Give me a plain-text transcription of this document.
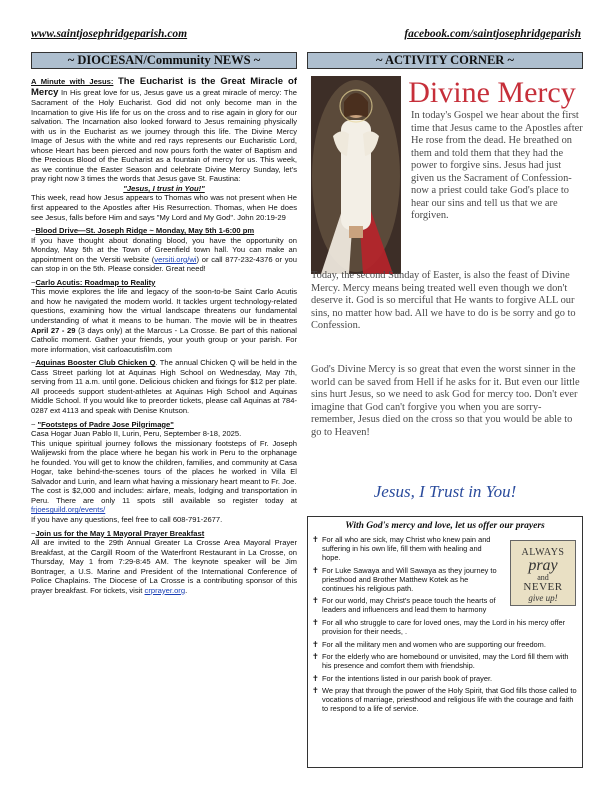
www.saintjosephridgeparish.com	facebook.com/saintjosephridgeparish
~ DIOCESAN/Community NEWS ~	~ ACTIVITY CORNER ~

A Minute with Jesus: The Eucharist is the Great Miracle of Mercy In His great love for us, Jesus gave us a great miracle of mercy: The Sacrament of the Holy Eucharist. God did not only become man in the Incarnation to give His life for us on the cross and to rise again in glory for our salvation. The Incarnation also looked forward to Jesus remaining physically with us in the Eucharist as we journey through this life. The Divine Mercy Image of Jesus with the white and red rays represents our Eucharistic Lord, whose Heart has been pierced and now pours forth the water of Baptism and the Precious Blood of the Eucharist as a fountain of mercy for us. This week, as we continue the Easter Season and celebrate Divine Mercy Sunday, let's pray right now 3 times the words that Jesus gave St. Faustina:

"Jesus, I trust in You!"

This week, read how Jesus appears to Thomas who was not present when He first appeared to the Apostles after His Resurrection. Thomas, when He does see Jesus, falls before Him and says "My Lord and My God". John 20:19-29

~Blood Drive—St. Joseph Ridge ~ Monday, May 5th 1-6:00 pm
If you have thought about donating blood, you have the opportunity on Monday, May 5th at the Town of Greenfield town hall. You can make an appointment on the Versiti website (versiti.org/wi) or call 877-232-4376 or you can stop in on the 5th. Please consider. Great need!

~Carlo Acutis: Roadmap to Reality
This movie explores the life and legacy of the soon-to-be Saint Carlo Acutis and how he navigated the modern world. It tackles urgent technology-related questions, examining how the virtual landscape threatens our fundamental understanding of what it means to be human. The movie will be in theatres April 27 - 29 (3 days only) at the Marcus - La Crosse. Be part of this national Catholic moment. Gather your friends, your youth group or your parish. For more information, visit carloacutisfilm.com

~Aquinas Booster Club Chicken Q. The annual Chicken Q will be held in the Cass Street parking lot at Aquinas High School on Wednesday, May 7th, serving from 11 a.m. until gone. Delicious chicken and fixings for $12 per plate. All proceeds support student-athletes at Aquinas High School and Aquinas Middle School. If you would like to preorder tickets, please call Aquinas at 784-0287 ext 4113 and speak with Denise Knutson.

~ "Footsteps of Padre Jose Pilgrimage"
Casa Hogar Juan Pablo II, Lurin, Peru, September 8-18, 2025.
This unique spiritual journey follows the missionary footsteps of Fr. Joseph Walijewski from the place where he began his work in Peru to the orphanage he founded. You will get to know the children, families, and community at Casa Hogar, take behind-the-scenes tours of the places he worked in Villa El Salvador and Lurin, and learn what having a missionary heart meant to Fr. Joe.
The cost is $2,000 and includes: airfare, meals, lodging and transportation in Peru. There are only 11 spots still available so register today at frjoesguild.org/events/
If you have any questions, feel free to call 608-791-2677.

~Join us for the May 1 Mayoral Prayer Breakfast
All are invited to the 29th Annual Greater La Crosse Area Mayoral Prayer Breakfast, at the Cargill Room of the Waterfront Restaurant in La Crosse, on Thursday, May 1 from 7:29-8:45 AM. The keynote speaker will be Jim Bontrager, a U.S. Marine and President of the International Conference of Police Chaplains. The Diocese of La Crosse is a contributing sponsor of this prayer breakfast. For tickets, visit crprayer.org.

Divine Mercy
In today's Gospel we hear about the first time that Jesus came to the Apostles after He rose from the dead. He breathed on them and told them that they had the power to forgive sins. Jesus had just given us the Sacrament of Confession- now a priest could take God's place to hear our sins and tell us that we are forgiven.
Today, the second Sunday of Easter, is also the feast of Divine Mercy. Mercy means being treated well even though we don't deserve it. God is so merciful that He wants to forgive ALL our sins, no matter how bad. All we have to do is be sorry and go to Confession.
God's Divine Mercy is so great that even the worst sinner in the world can be saved from Hell if he asks for it. But even our little sins hurt Jesus, so we need to ask God for mercy too. Don't ever imagine that God can't forgive you when you are sorry- remember, Jesus died on the cross so that you would be able to go to Heaven!
Jesus, I Trust in You!
With God's mercy and love, let us offer our prayers
ALWAYS
pray
and
NEVER
give up!
✝ For all who are sick, may Christ who knew pain and suffering in his own life, fill them with healing and hope.
✝ For Luke Sawaya and Will Sawaya as they journey to priesthood and Brother Matthew Kotek as he continues his religious path.
✝ For our world, may Christ's peace touch the hearts of leaders and influencers and lead them to harmony
✝ For all who struggle to care for loved ones, may the Lord in his mercy offer provision for their needs, .
✝ For all the military men and women who are supporting our freedom.
✝ For the elderly who are homebound or unvisited, may the Lord fill them with his presence and comfort them with friendship.
✝ For the intentions listed in our parish book of prayer.
✝ We pray that through the power of the Holy Spirit, that God fills those called to vocations of marriage, priesthood and religious life with the courage and faith to respond to a life of service.
